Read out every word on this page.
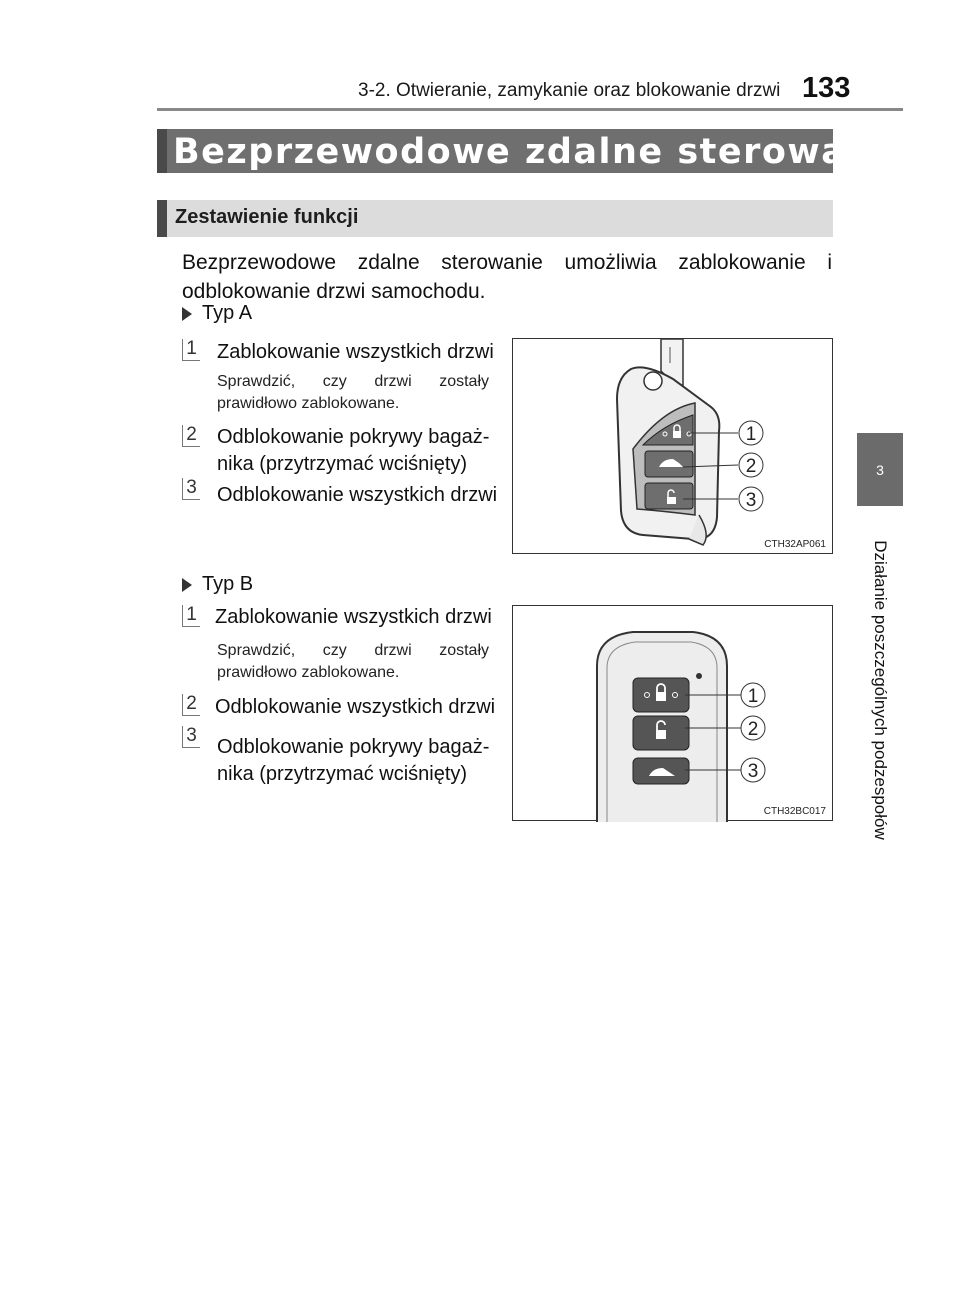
3-2. Otwieranie, zamykanie oraz blokowanie drzwi 133
3
Działanie poszczególnych podzespołów
Bezprzewodowe zdalne sterowanie
Zestawienie funkcji
Bezprzewodowe zdalne sterowanie umożliwia zablokowanie i odblokowanie drzwi samochodu.
Typ A
1 Zablokowanie wszystkich drzwi
Sprawdzić, czy drzwi zostały prawidłowo zablokowane.
2 Odblokowanie pokrywy bagaż-
nika (przytrzymać wciśnięty)
3 Odblokowanie wszystkich drzwi
1
2
3
CTH32AP061
Typ B
1 Zablokowanie wszystkich drzwi
Sprawdzić, czy drzwi zostały prawidłowo zablokowane.
2 Odblokowanie wszystkich drzwi
3
Odblokowanie pokrywy bagaż-
nika (przytrzymać wciśnięty)
1
2
3
CTH32BC017
